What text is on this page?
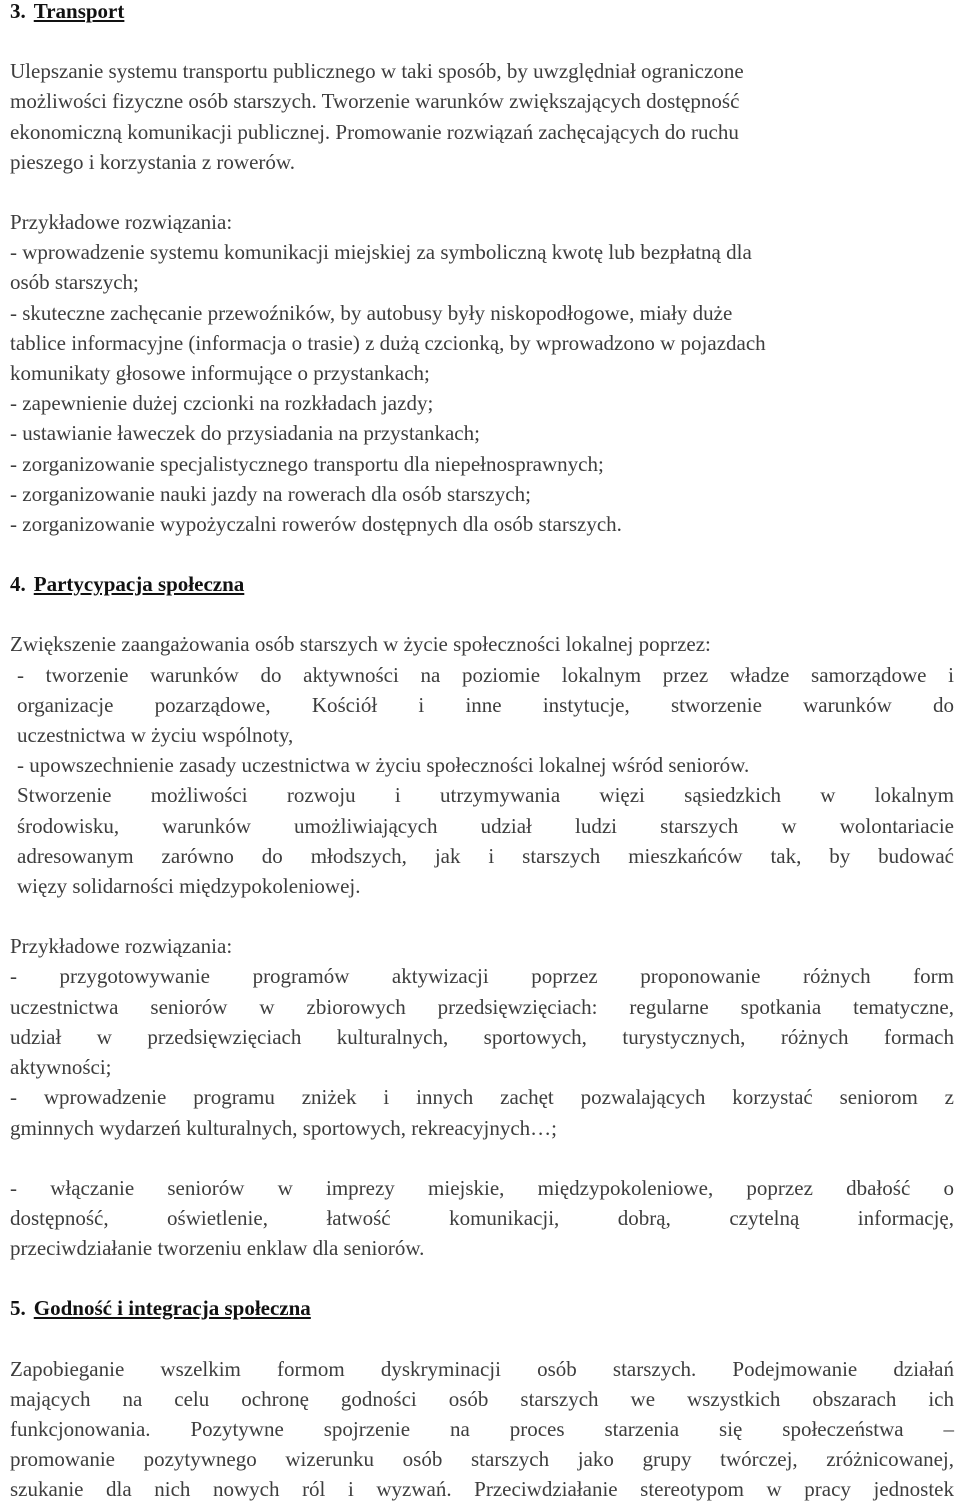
3. Transport

Ulepszanie systemu transportu publicznego w taki sposób, by uwzględniał ograniczone

możliwości fizyczne osób starszych. Tworzenie warunków zwiększających dostępność

ekonomiczną komunikacji publicznej. Promowanie rozwiązań zachęcających do ruchu

pieszego i korzystania z rowerów.

Przykładowe rozwiązania:

- wprowadzenie systemu komunikacji miejskiej za symboliczną kwotę lub bezpłatną dla

osób starszych;

- skuteczne zachęcanie przewoźników, by autobusy były niskopodłogowe, miały duże

tablice informacyjne (informacja o trasie) z dużą czcionką, by wprowadzono w pojazdach

komunikaty głosowe informujące o przystankach;

- zapewnienie dużej czcionki na rozkładach jazdy;

- ustawianie ławeczek do przysiadania na przystankach;

- zorganizowanie specjalistycznego transportu dla niepełnosprawnych;

- zorganizowanie nauki jazdy na rowerach dla osób starszych;

- zorganizowanie wypożyczalni rowerów dostępnych dla osób starszych.

4. Partycypacja społeczna

Zwiększenie zaangażowania osób starszych w życie społeczności lokalnej poprzez:

- tworzenie warunków do aktywności na poziomie lokalnym przez władze samorządowe i

organizacje pozarządowe, Kościół i inne instytucje, stworzenie warunków do

uczestnictwa w życiu wspólnoty,

- upowszechnienie zasady uczestnictwa w życiu społeczności lokalnej wśród seniorów.

Stworzenie możliwości rozwoju i utrzymywania więzi sąsiedzkich w lokalnym

środowisku, warunków umożliwiających udział ludzi starszych w wolontariacie

adresowanym zarówno do młodszych, jak i starszych mieszkańców tak, by budować

więzy solidarności międzypokoleniowej.

Przykładowe rozwiązania:

- przygotowywanie programów aktywizacji poprzez proponowanie różnych form

uczestnictwa seniorów w zbiorowych przedsięwzięciach: regularne spotkania tematyczne,

udział w przedsięwzięciach kulturalnych, sportowych, turystycznych, różnych formach

aktywności;

- wprowadzenie programu zniżek i innych zachęt pozwalających korzystać seniorom z

gminnych wydarzeń kulturalnych, sportowych, rekreacyjnych…;

- włączanie seniorów w imprezy miejskie, międzypokoleniowe, poprzez dbałość o

dostępność, oświetlenie, łatwość komunikacji, dobrą, czytelną informację,

przeciwdziałanie tworzeniu enklaw dla seniorów.

5. Godność i integracja społeczna

Zapobieganie wszelkim formom dyskryminacji osób starszych. Podejmowanie działań

mających na celu ochronę godności osób starszych we wszystkich obszarach ich

funkcjonowania. Pozytywne spojrzenie na proces starzenia się społeczeństwa –

promowanie pozytywnego wizerunku osób starszych jako grupy twórczej, zróżnicowanej,

szukanie dla nich nowych ról i wyzwań. Przeciwdziałanie stereotypom w pracy jednostek
